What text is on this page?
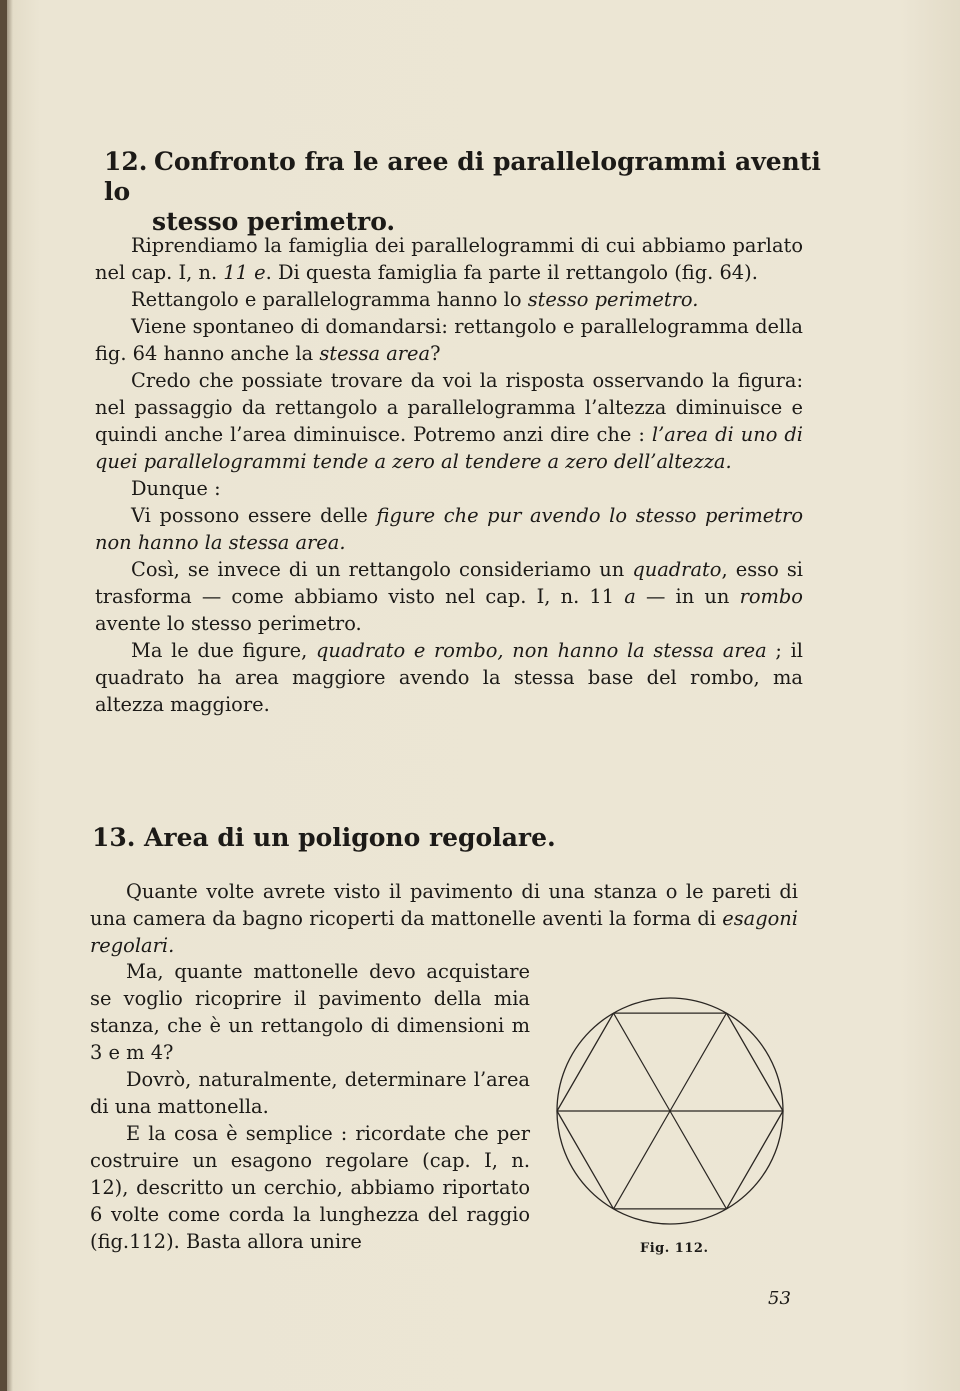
12. Confronto fra le aree di parallelogrammi aventi lo
stesso perimetro.

Riprendiamo la famiglia dei parallelogrammi di cui abbiamo parlato nel cap. I, n. 11 e. Di questa famiglia fa parte il rettangolo (fig. 64).

Rettangolo e parallelogramma hanno lo stesso perimetro.

Viene spontaneo di domandarsi: rettangolo e parallelogramma della fig. 64 hanno anche la stessa area?

Credo che possiate trovare da voi la risposta osservando la figura: nel passaggio da rettangolo a parallelogramma l’altezza diminuisce e quindi anche l’area diminuisce. Potremo anzi dire che : l’area di uno di quei parallelogrammi tende a zero al tendere a zero dell’altezza.

Dunque :

Vi possono essere delle figure che pur avendo lo stesso perimetro non hanno la stessa area.

Così, se invece di un rettangolo consideriamo un quadrato, esso si trasforma — come abbiamo visto nel cap. I, n. 11 a — in un rombo avente lo stesso perimetro.

Ma le due figure, quadrato e rombo, non hanno la stessa area ; il quadrato ha area maggiore avendo la stessa base del rombo, ma altezza maggiore.

13. Area di un poligono regolare.

Quante volte avrete visto il pavimento di una stanza o le pareti di una camera da bagno ricoperti da mattonelle aventi la forma di esagoni regolari.

Ma, quante mattonelle devo acquistare se voglio ricoprire il pavimento della mia stanza, che è un rettangolo di dimensioni m 3 e m 4?

Dovrò, naturalmente, determinare l’area di una mattonella.

E la cosa è semplice : ricordate che per costruire un esagono regolare (cap. I, n. 12), descritto un cerchio, abbiamo riportato 6 volte come corda la lunghezza del raggio (fig.112). Basta allora unire	Fig. 112.
53
